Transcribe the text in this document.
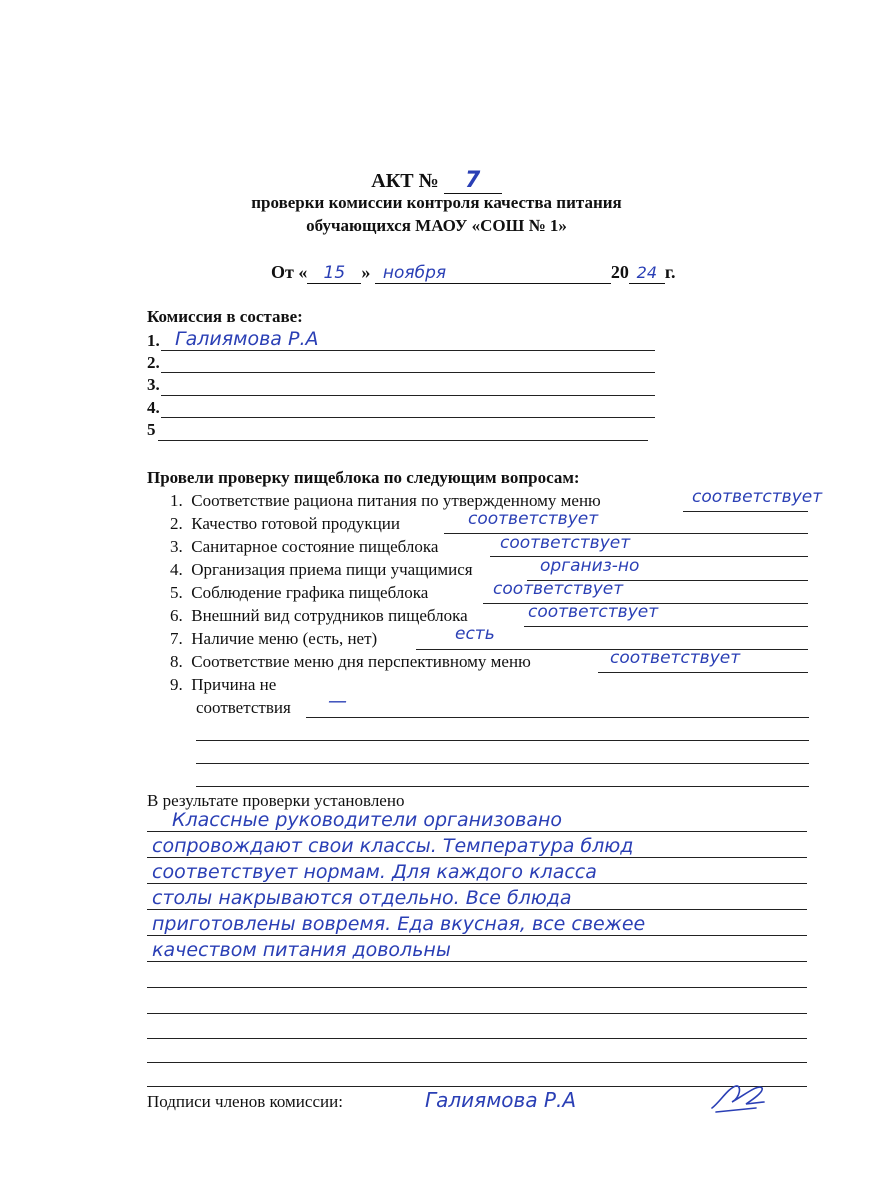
АКТ № 7
проверки комиссии контроля качества питания
обучающихся МАОУ «СОШ № 1»
От « 15 » ноября	20 24 г.
Комиссия в составе:
1. Галиямова Р.А
2.
3.
4.
5
Провели проверку пищеблока по следующим вопросам:
1. Соответствие рациона питания по утвержденному меню	соответствует
2. Качество готовой продукции	соответствует
3. Санитарное состояние пищеблока	соответствует
4. Организация приема пищи учащимися	организ-но
5. Соблюдение графика пищеблока	соответствует
6. Внешний вид сотрудников пищеблока	соответствует
7. Наличие меню (есть, нет)	есть
8. Соответствие меню дня перспективному меню	соответствует
9. Причина не
соответствия —
В результате проверки установлено
Классные руководители организовано
сопровождают свои классы. Температура блюд
соответствует нормам. Для каждого класса
столы накрываются отдельно. Все блюда
приготовлены вовремя. Еда вкусная, все свежее
качеством питания довольны
Подписи членов комиссии:	Галиямова Р.А
